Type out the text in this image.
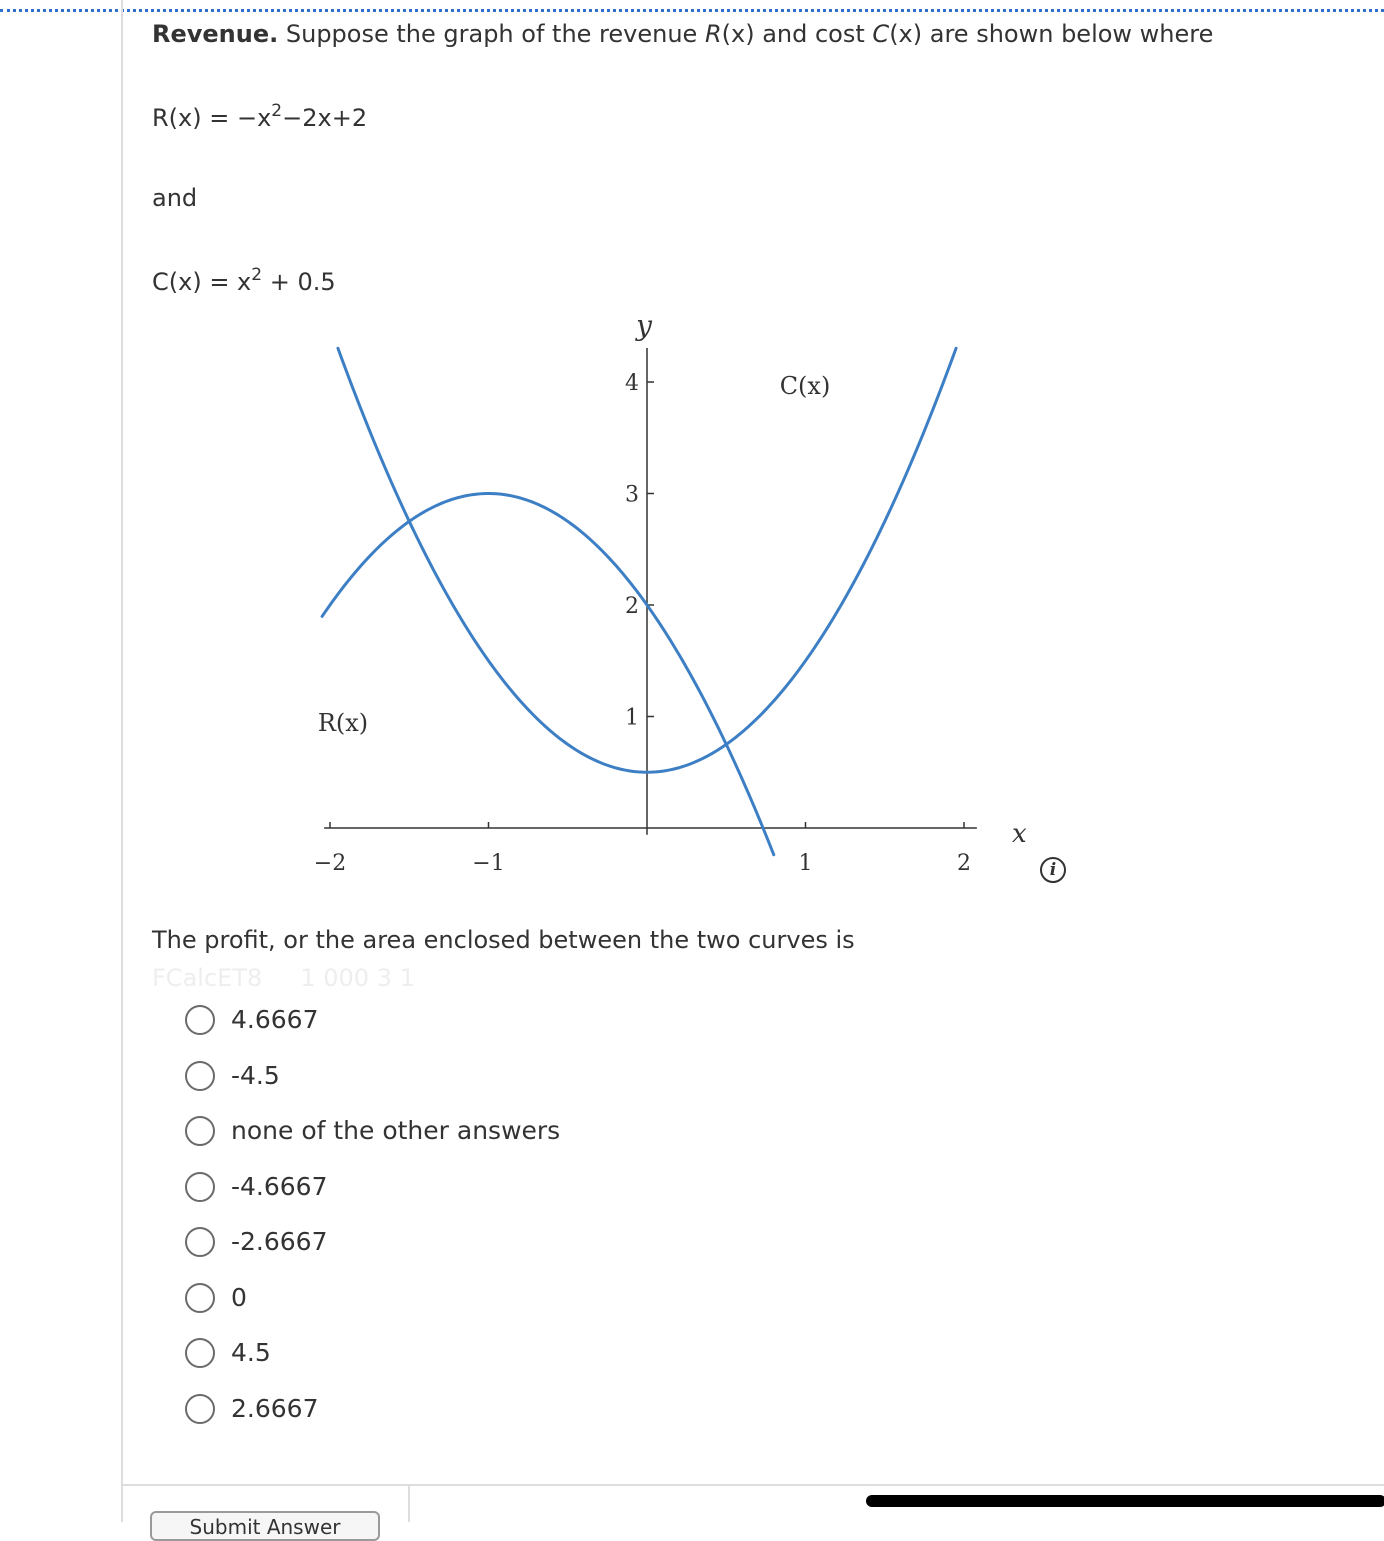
Revenue. Suppose the graph of the revenue R(x) and cost C(x) are shown below where
$R(x) = -x^2-2x+2$
and
$C(x) = x^2 + 0.5$
−2	−1	1	2
1
2
3
4
x
y
R(x)
C(x)
i
The profit, or the area enclosed between the two curves is
FCalcET8     1 000 3 1
4.6667
-4.5
none of the other answers
-4.6667
-2.6667
0
4.5
2.6667
Submit Answer
